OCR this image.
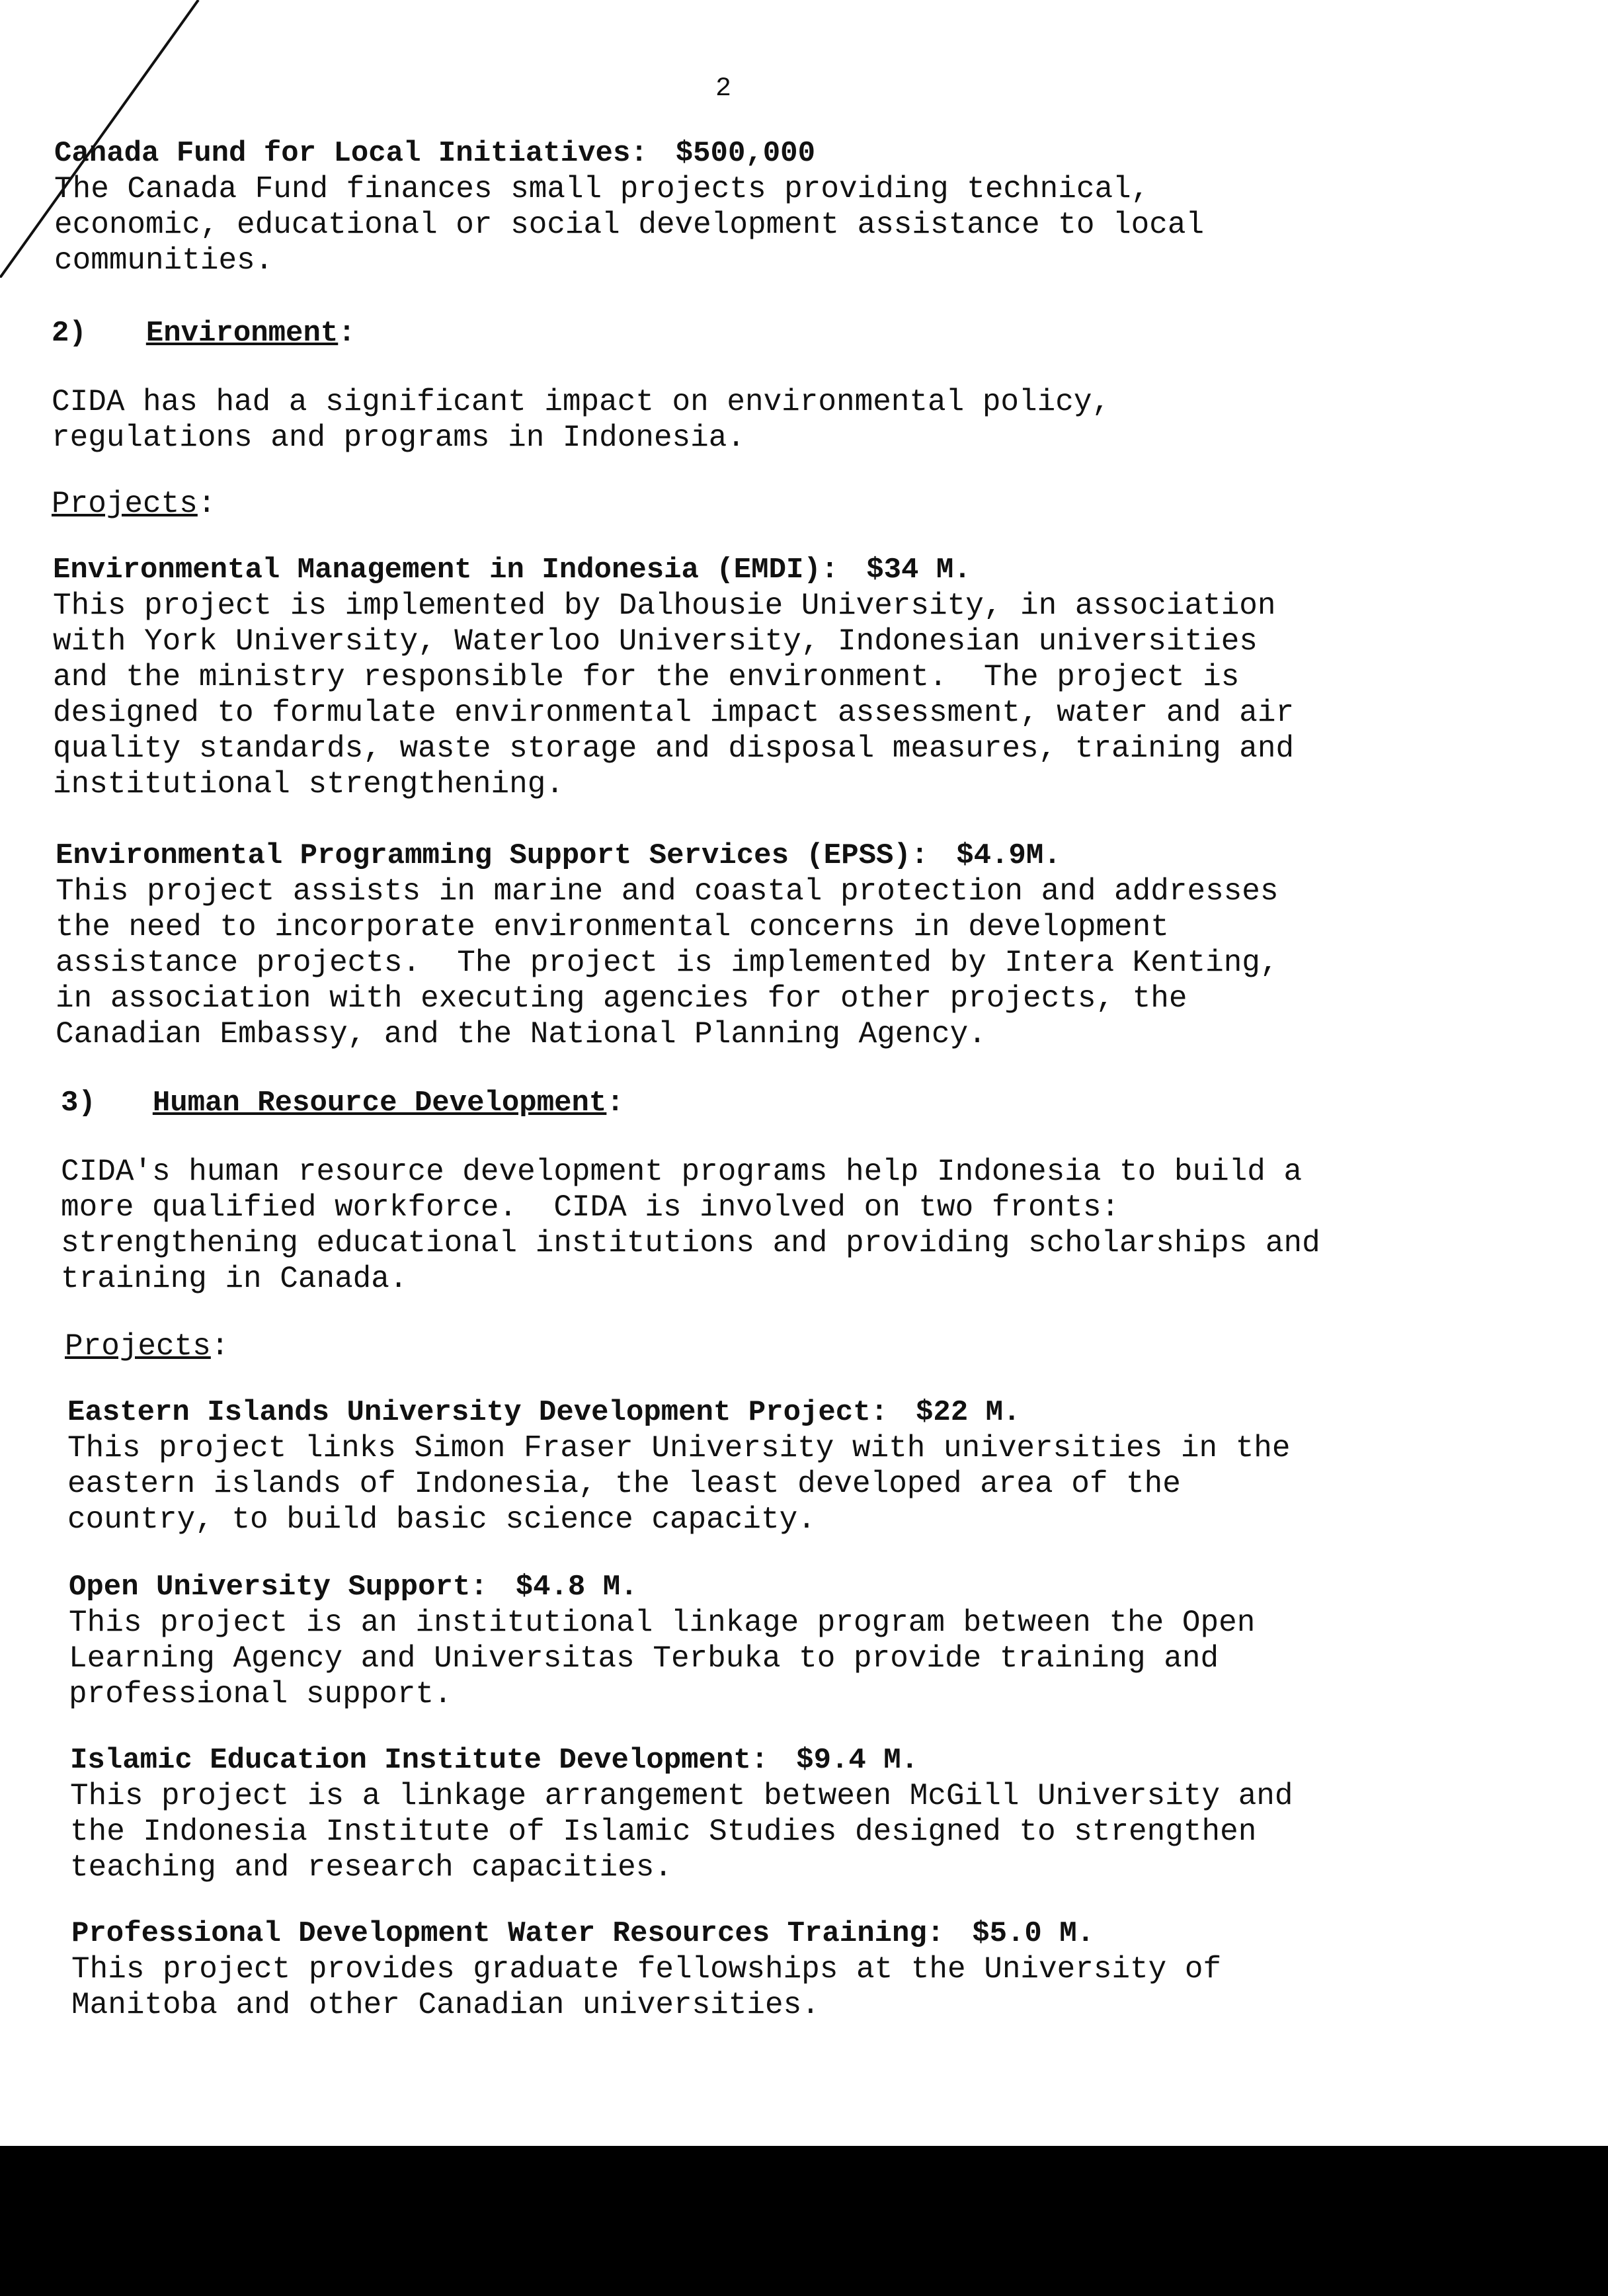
2
Canada Fund for Local Initiatives: $500,000

The Canada Fund finances small projects providing technical,
economic, educational or social development assistance to local
communities.

2) Environment:

CIDA has had a significant impact on environmental policy,
regulations and programs in Indonesia.

Projects:
Environmental Management in Indonesia (EMDI): $34 M.

This project is implemented by Dalhousie University, in association
with York University, Waterloo University, Indonesian universities
and the ministry responsible for the environment.  The project is
designed to formulate environmental impact assessment, water and air
quality standards, waste storage and disposal measures, training and
institutional strengthening.

Environmental Programming Support Services (EPSS): $4.9M.

This project assists in marine and coastal protection and addresses
the need to incorporate environmental concerns in development
assistance projects.  The project is implemented by Intera Kenting,
in association with executing agencies for other projects, the
Canadian Embassy, and the National Planning Agency.

3) Human Resource Development:

CIDA's human resource development programs help Indonesia to build a
more qualified workforce.  CIDA is involved on two fronts:
strengthening educational institutions and providing scholarships and
training in Canada.

Projects:
Eastern Islands University Development Project: $22 M.

This project links Simon Fraser University with universities in the
eastern islands of Indonesia, the least developed area of the
country, to build basic science capacity.

Open University Support: $4.8 M.

This project is an institutional linkage program between the Open
Learning Agency and Universitas Terbuka to provide training and
professional support.

Islamic Education Institute Development: $9.4 M.

This project is a linkage arrangement between McGill University and
the Indonesia Institute of Islamic Studies designed to strengthen
teaching and research capacities.

Professional Development Water Resources Training: $5.0 M.

This project provides graduate fellowships at the University of
Manitoba and other Canadian universities.
